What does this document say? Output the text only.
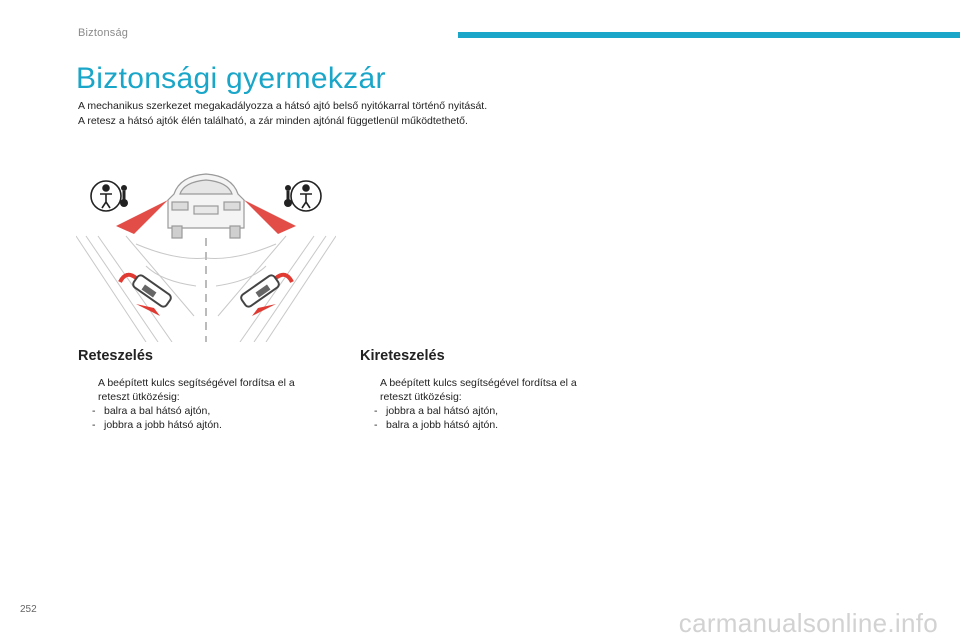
Biztonság
Biztonsági gyermekzár

A mechanikus szerkezet megakadályozza a hátsó ajtó belső nyitókarral történő nyitását.

A retesz a hátsó ajtók élén található, a zár minden ajtónál függetlenül működtethető.

Reteszelés
A beépített kulcs segítségével fordítsa el a
reteszt ütközésig:
- balra a bal hátsó ajtón,
- jobbra a jobb hátsó ajtón.
Kireteszelés
A beépített kulcs segítségével fordítsa el a
reteszt ütközésig:
- jobbra a bal hátsó ajtón,
- balra a jobb hátsó ajtón.
252	carmanualsonline.info
